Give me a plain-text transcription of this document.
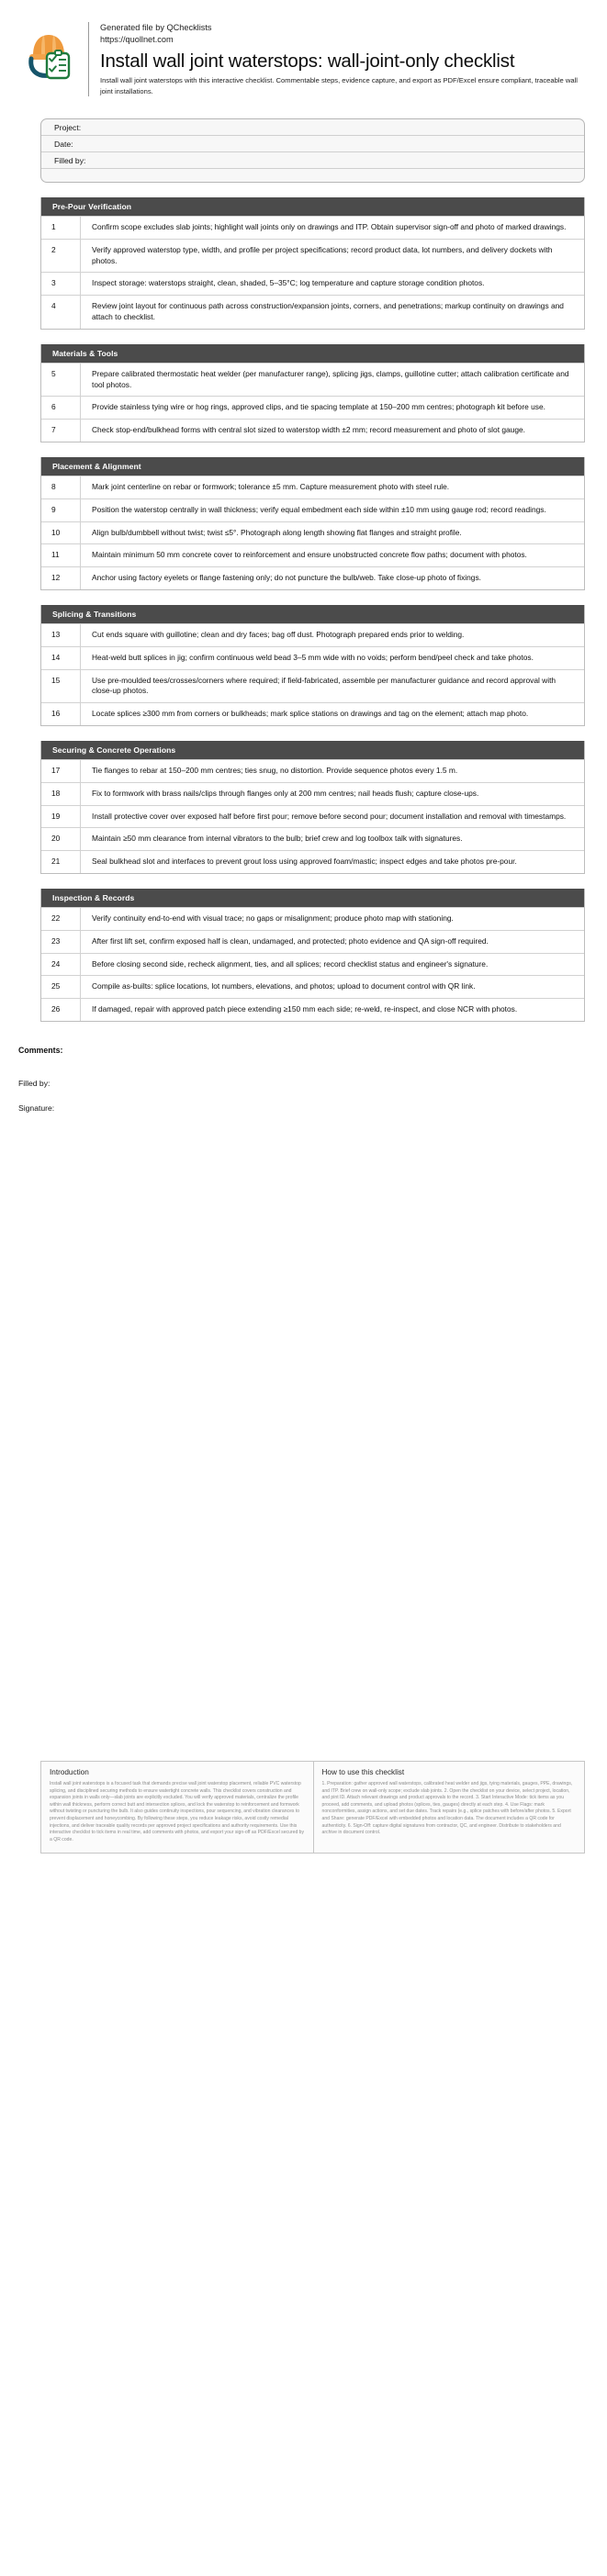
Generated file by QChecklists
https://quollnet.com
Install wall joint waterstops: wall-joint-only checklist
Install wall joint waterstops with this interactive checklist. Commentable steps, evidence capture, and export as PDF/Excel ensure compliant, traceable wall joint installations.
Project:
Date:
Filled by:
Pre-Pour Verification
1	Confirm scope excludes slab joints; highlight wall joints only on drawings and ITP. Obtain supervisor sign-off and photo of marked drawings.
2	Verify approved waterstop type, width, and profile per project specifications; record product data, lot numbers, and delivery dockets with photos.
3	Inspect storage: waterstops straight, clean, shaded, 5–35°C; log temperature and capture storage condition photos.
4	Review joint layout for continuous path across construction/expansion joints, corners, and penetrations; markup continuity on drawings and attach to checklist.
Materials & Tools
5	Prepare calibrated thermostatic heat welder (per manufacturer range), splicing jigs, clamps, guillotine cutter; attach calibration certificate and tool photos.
6	Provide stainless tying wire or hog rings, approved clips, and tie spacing template at 150–200 mm centres; photograph kit before use.
7	Check stop-end/bulkhead forms with central slot sized to waterstop width ±2 mm; record measurement and photo of slot gauge.
Placement & Alignment
8	Mark joint centerline on rebar or formwork; tolerance ±5 mm. Capture measurement photo with steel rule.
9	Position the waterstop centrally in wall thickness; verify equal embedment each side within ±10 mm using gauge rod; record readings.
10	Align bulb/dumbbell without twist; twist ≤5°. Photograph along length showing flat flanges and straight profile.
11	Maintain minimum 50 mm concrete cover to reinforcement and ensure unobstructed concrete flow paths; document with photos.
12	Anchor using factory eyelets or flange fastening only; do not puncture the bulb/web. Take close-up photo of fixings.
Splicing & Transitions
13	Cut ends square with guillotine; clean and dry faces; bag off dust. Photograph prepared ends prior to welding.
14	Heat-weld butt splices in jig; confirm continuous weld bead 3–5 mm wide with no voids; perform bend/peel check and take photos.
15	Use pre-moulded tees/crosses/corners where required; if field-fabricated, assemble per manufacturer guidance and record approval with close-up photos.
16	Locate splices ≥300 mm from corners or bulkheads; mark splice stations on drawings and tag on the element; attach map photo.
Securing & Concrete Operations
17	Tie flanges to rebar at 150–200 mm centres; ties snug, no distortion. Provide sequence photos every 1.5 m.
18	Fix to formwork with brass nails/clips through flanges only at 200 mm centres; nail heads flush; capture close-ups.
19	Install protective cover over exposed half before first pour; remove before second pour; document installation and removal with timestamps.
20	Maintain ≥50 mm clearance from internal vibrators to the bulb; brief crew and log toolbox talk with signatures.
21	Seal bulkhead slot and interfaces to prevent grout loss using approved foam/mastic; inspect edges and take photos pre-pour.
Inspection & Records
22	Verify continuity end-to-end with visual trace; no gaps or misalignment; produce photo map with stationing.
23	After first lift set, confirm exposed half is clean, undamaged, and protected; photo evidence and QA sign-off required.
24	Before closing second side, recheck alignment, ties, and all splices; record checklist status and engineer's signature.
25	Compile as-builts: splice locations, lot numbers, elevations, and photos; upload to document control with QR link.
26	If damaged, repair with approved patch piece extending ≥150 mm each side; re-weld, re-inspect, and close NCR with photos.
Comments:
Filled by:
Signature:
Introduction

Install wall joint waterstops is a focused task that demands precise wall joint waterstop placement, reliable PVC waterstop splicing, and disciplined securing methods to ensure watertight concrete walls. This checklist covers construction and expansion joints in walls only—slab joints are explicitly excluded. You will verify approved materials, centralize the profile within wall thickness, perform correct butt and intersection splices, and lock the waterstop to reinforcement and formwork without twisting or puncturing the bulb. It also guides continuity inspections, pour sequencing, and vibration clearances to prevent displacement and honeycombing. By following these steps, you reduce leakage risks, avoid costly remedial injections, and deliver traceable quality records per approved project specifications and authority requirements. Use this interactive checklist to tick items in real time, add comments with photos, and export your sign-off as PDF/Excel secured by a QR code.

How to use this checklist

1. Preparation: gather approved wall waterstops, calibrated heat welder and jigs, tying materials, gauges, PPE, drawings, and ITP. Brief crew on wall-only scope; exclude slab joints. 2. Open the checklist on your device, select project, location, and pint ID. Attach relevant drawings and product approvals to the record. 3. Start Interactive Mode: tick items as you proceed, add comments, and upload photos (splices, ties, gauges) directly at each step. 4. Use Flags: mark nonconformities, assign actions, and set due dates. Track repairs (e.g., splice patches with before/after photos. 5. Export and Share: generate PDF/Excel with embedded photos and location data. The document includes a QR code for authenticity. 6. Sign-Off: capture digital signatures from contractor, QC, and engineer. Distribute to stakeholders and archive in document control.
